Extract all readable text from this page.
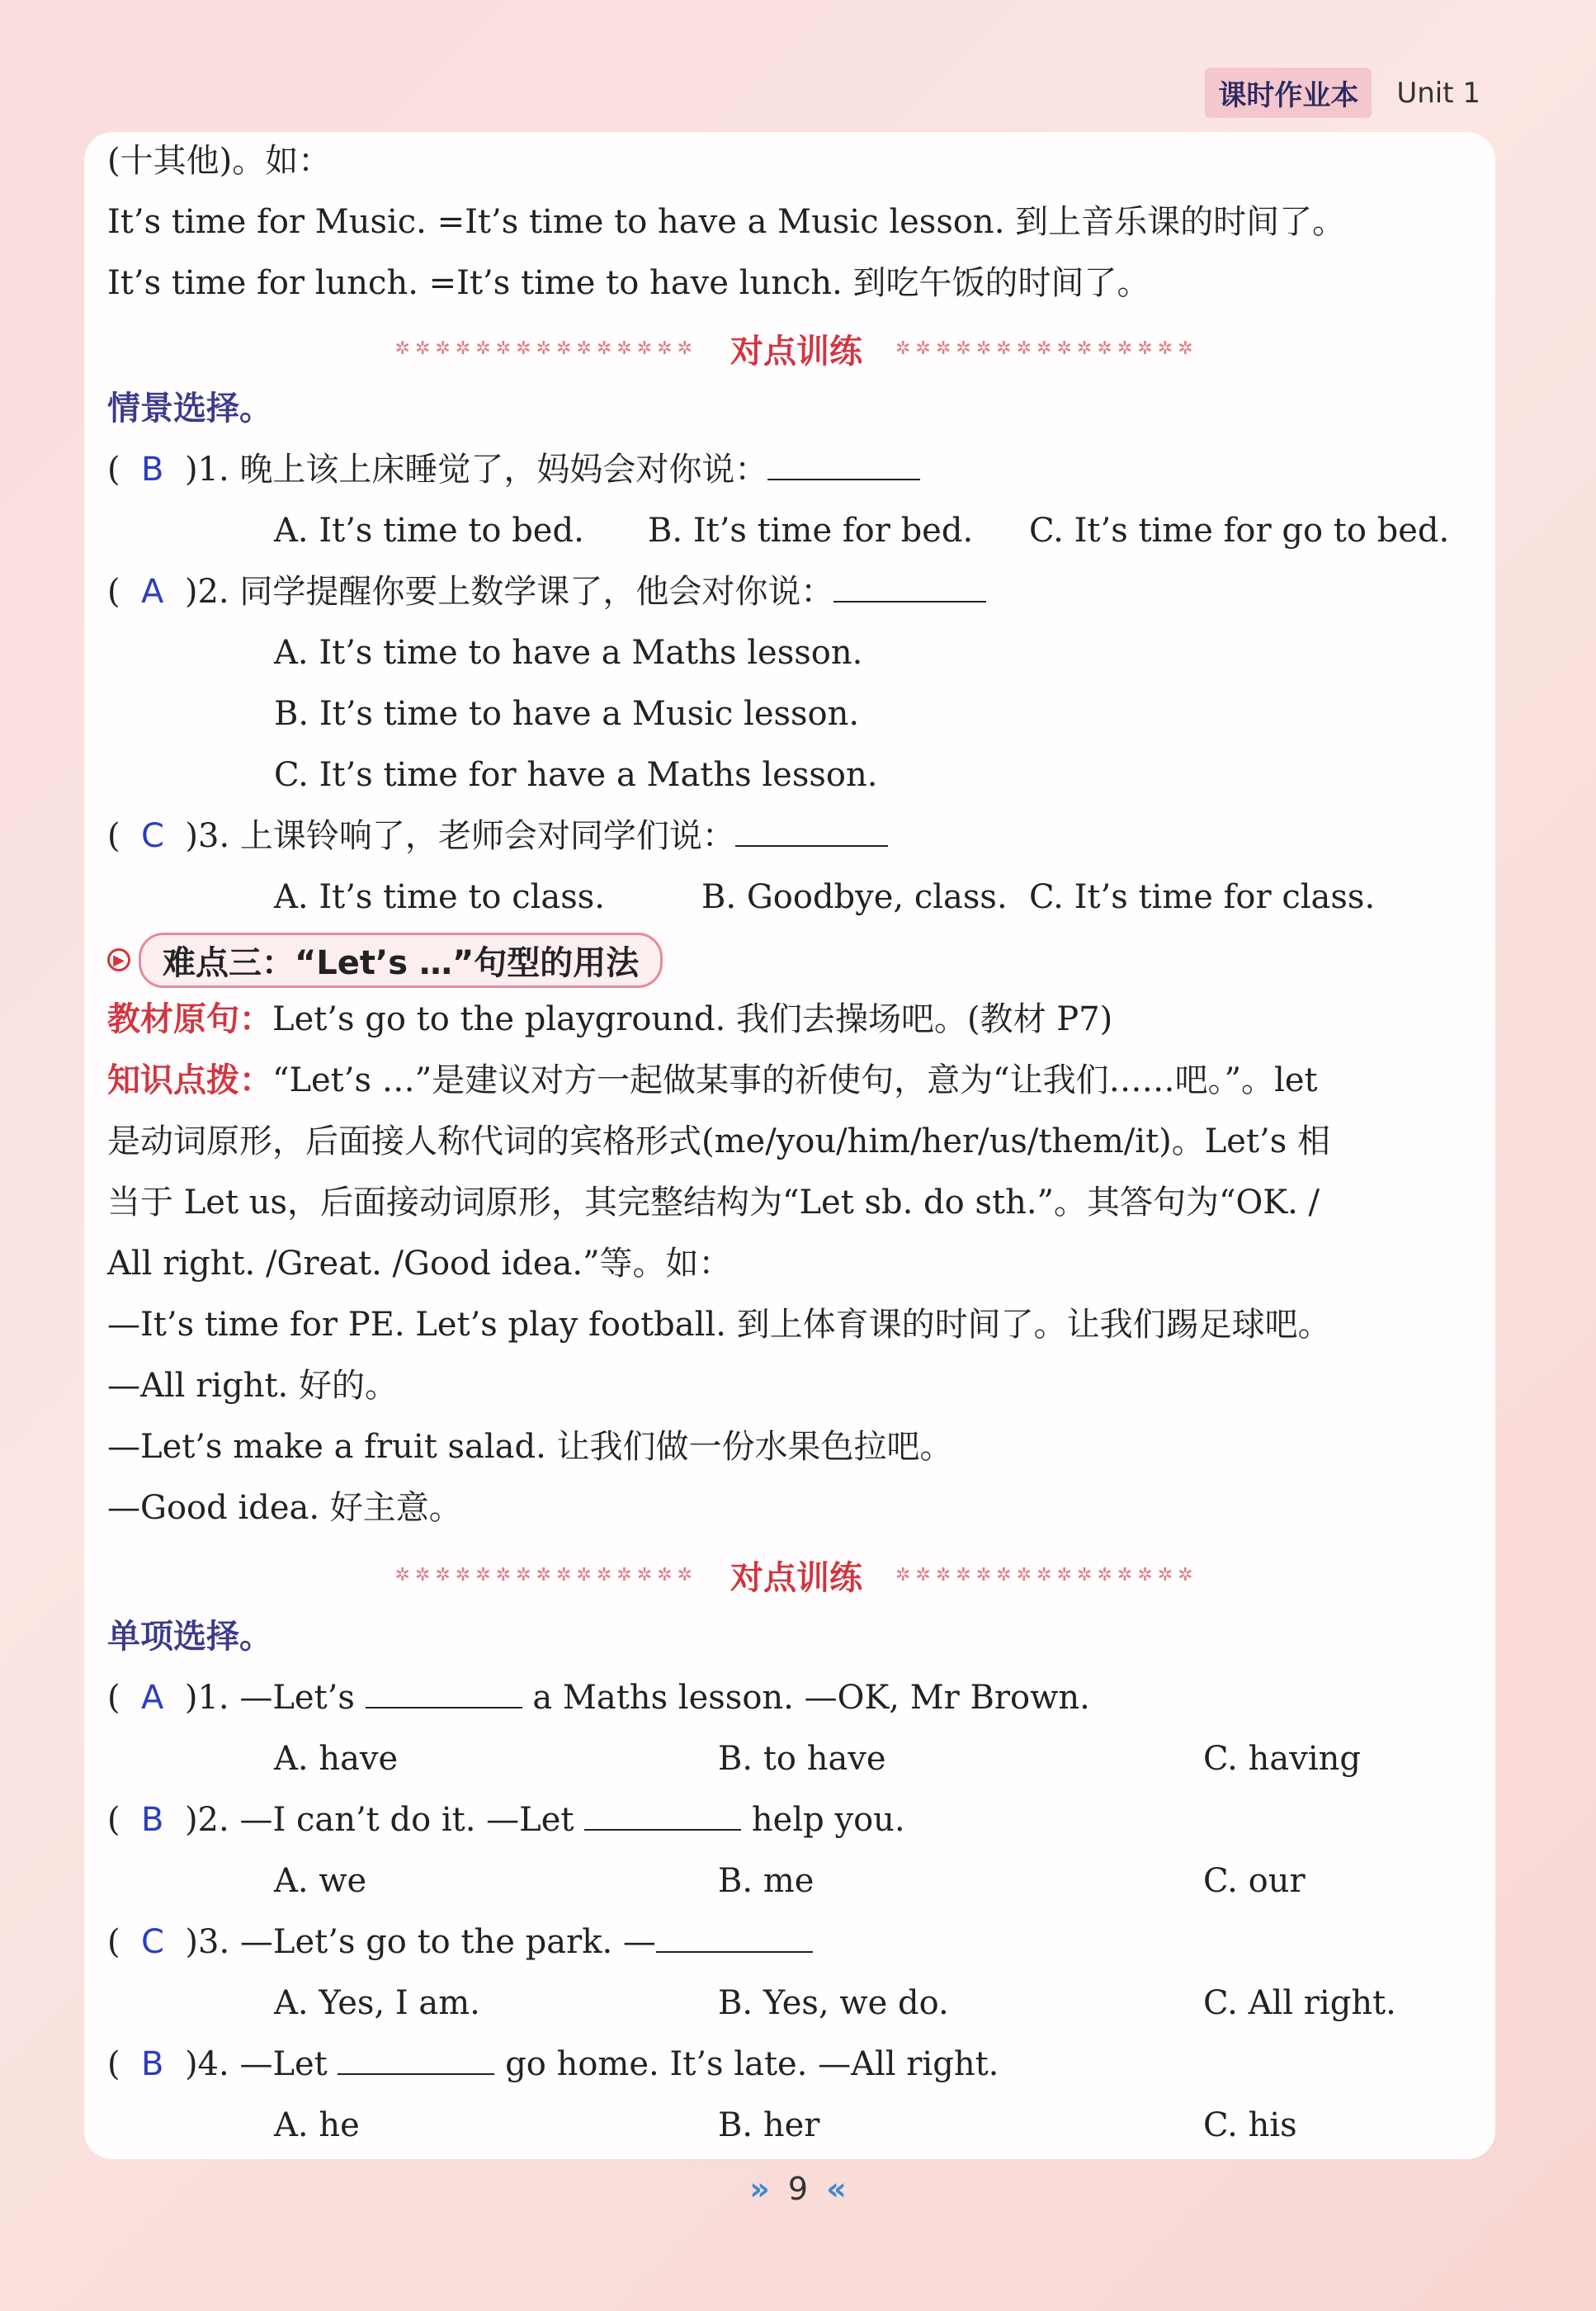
课时作业本	Unit 1
(十其他)。如：
It’s time for Music. =It’s time to have a Music lesson. 到上音乐课的时间了。
It’s time for lunch. =It’s time to have lunch. 到吃午饭的时间了。
✲✲✲✲✲✲✲✲✲✲✲✲✲✲✲ 对点训练 ✲✲✲✲✲✲✲✲✲✲✲✲✲✲✲
情景选择。
(  B )1. 晚上该上床睡觉了，妈妈会对你说：
A. It’s time to bed. B. It’s time for bed. C. It’s time for go to bed.
(  A )2. 同学提醒你要上数学课了，他会对你说：
A. It’s time to have a Maths lesson.
B. It’s time to have a Music lesson.
C. It’s time for have a Maths lesson.
(  C )3. 上课铃响了，老师会对同学们说：
A. It’s time to class.	B. Goodbye, class. C. It’s time for class.
▶	难点三：“Let’s …”句型的用法
教材原句：Let’s go to the playground. 我们去操场吧。(教材 P7)
知识点拨：“Let’s …”是建议对方一起做某事的祈使句，意为“让我们……吧。”。let
是动词原形，后面接人称代词的宾格形式(me/you/him/her/us/them/it)。Let’s 相
当于 Let us，后面接动词原形，其完整结构为“Let sb. do sth.”。其答句为“OK. /
All right. /Great. /Good idea.”等。如：
—It’s time for PE. Let’s play football. 到上体育课的时间了。让我们踢足球吧。
—All right. 好的。
—Let’s make a fruit salad. 让我们做一份水果色拉吧。
—Good idea. 好主意。
✲✲✲✲✲✲✲✲✲✲✲✲✲✲✲ 对点训练 ✲✲✲✲✲✲✲✲✲✲✲✲✲✲✲
单项选择。
(  A )1. —Let’s	a Maths lesson. —OK, Mr Brown.
A. have	B. to have	C. having
(  B )2. —I can’t do it. —Let	help you.
A. we	B. me	C. our
(  C )3. —Let’s go to the park. —
A. Yes, I am.	B. Yes, we do.	C. All right.
(  B )4. —Let	go home. It’s late. —All right.
A. he	B. her	C. his
» 9 «
